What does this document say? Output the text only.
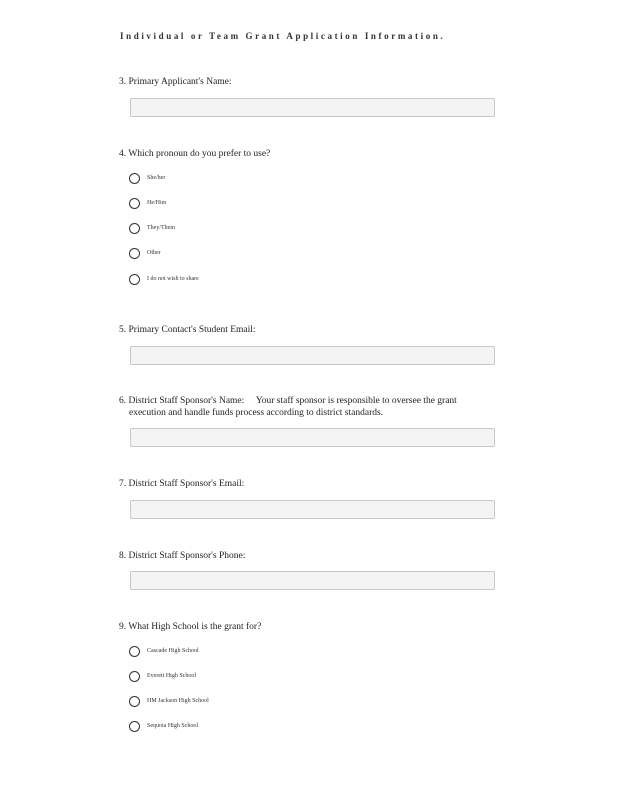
Individual or Team Grant Application Information.
3. Primary Applicant's Name:
4. Which pronoun do you prefer to use?
She/her
He/Him
They/Them
Other
I do not wish to share
5. Primary Contact's Student Email:
6. District Staff Sponsor's Name: Your staff sponsor is responsible to oversee the grant
execution and handle funds process according to district standards.
7. District Staff Sponsor's Email:
8. District Staff Sponsor's Phone:
9. What High School is the grant for?
Cascade High School
Everett High School
HM Jackson High School
Sequoia High School
